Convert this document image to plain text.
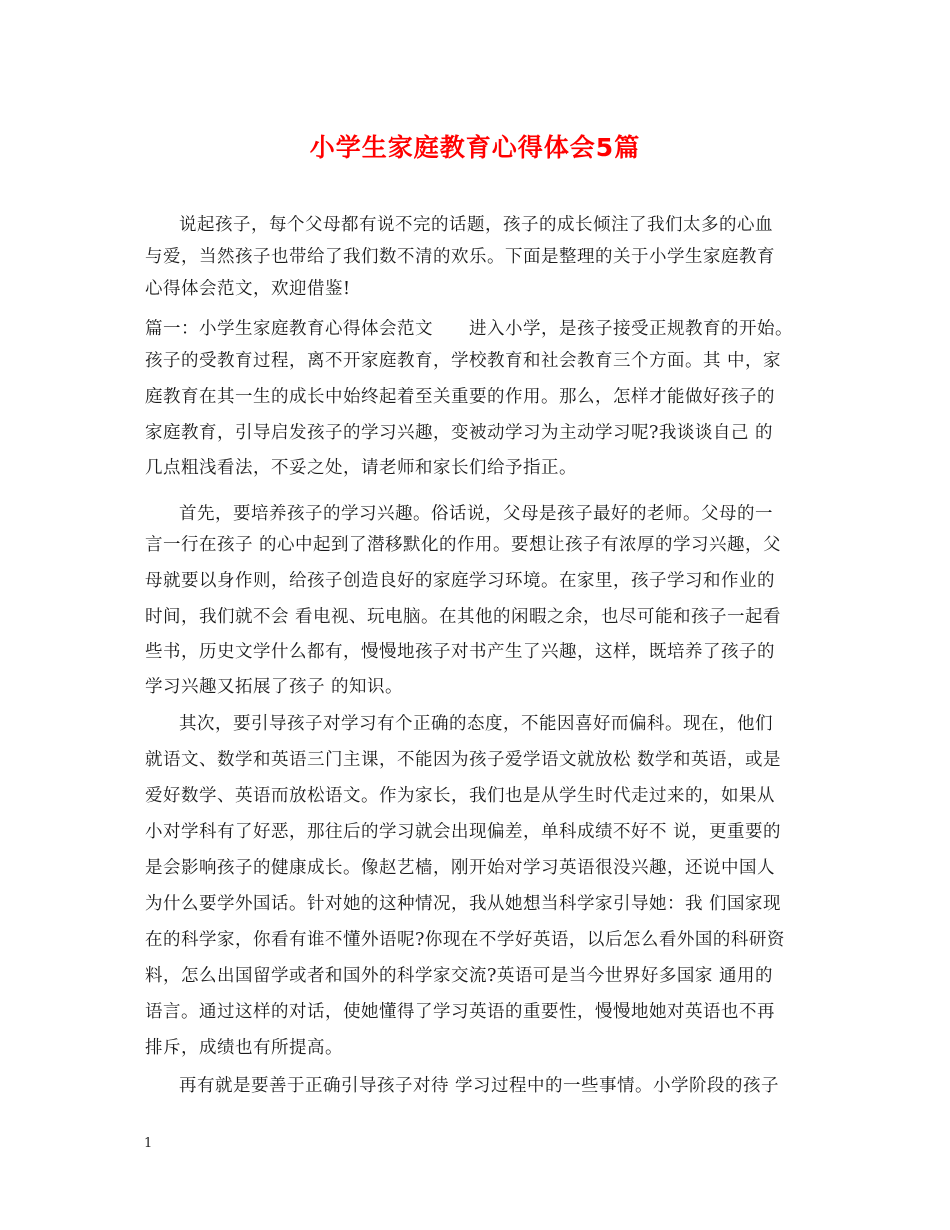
小学生家庭教育心得体会5篇
说起孩子，每个父母都有说不完的话题，孩子的成长倾注了我们太多的心血
与爱，当然孩子也带给了我们数不清的欢乐。下面是整理的关于小学生家庭教育
心得体会范文，欢迎借鉴!
篇一：小学生家庭教育心得体会范文　　进入小学，是孩子接受正规教育的开始。
孩子的受教育过程，离不开家庭教育，学校教育和社会教育三个方面。其 中，家
庭教育在其一生的成长中始终起着至关重要的作用。那么，怎样才能做好孩子的
家庭教育，引导启发孩子的学习兴趣，变被动学习为主动学习呢?我谈谈自己 的
几点粗浅看法，不妥之处，请老师和家长们给予指正。
首先，要培养孩子的学习兴趣。俗话说，父母是孩子最好的老师。父母的一
言一行在孩子 的心中起到了潜移默化的作用。要想让孩子有浓厚的学习兴趣，父
母就要以身作则，给孩子创造良好的家庭学习环境。在家里，孩子学习和作业的
时间，我们就不会 看电视、玩电脑。在其他的闲暇之余，也尽可能和孩子一起看
些书，历史文学什么都有，慢慢地孩子对书产生了兴趣，这样，既培养了孩子的
学习兴趣又拓展了孩子 的知识。
其次，要引导孩子对学习有个正确的态度，不能因喜好而偏科。现在，他们
就语文、数学和英语三门主课，不能因为孩子爱学语文就放松 数学和英语，或是
爱好数学、英语而放松语文。作为家长，我们也是从学生时代走过来的，如果从
小对学科有了好恶，那往后的学习就会出现偏差，单科成绩不好不 说，更重要的
是会影响孩子的健康成长。像赵艺樯，刚开始对学习英语很没兴趣，还说中国人
为什么要学外国话。针对她的这种情况，我从她想当科学家引导她：我 们国家现
在的科学家，你看有谁不懂外语呢?你现在不学好英语，以后怎么看外国的科研资
料，怎么出国留学或者和国外的科学家交流?英语可是当今世界好多国家 通用的
语言。通过这样的对话，使她懂得了学习英语的重要性，慢慢地她对英语也不再
排斥，成绩也有所提高。
再有就是要善于正确引导孩子对待 学习过程中的一些事情。小学阶段的孩子
1
